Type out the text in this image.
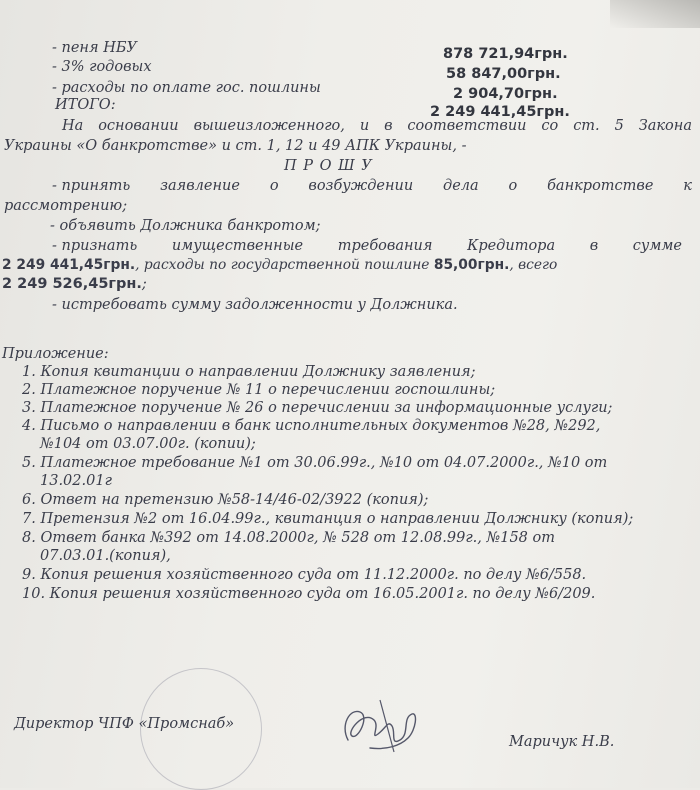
- пеня НБУ	878 721,94грн.
- 3% годовых	58 847,00грн.
- расходы по оплате гос. пошлины	2 904,70грн.
ИТОГО:	2 249 441,45грн.
На основании вышеизложенного, и в соответствии со ст. 5 Закона
Украины «О банкротстве» и ст. 1, 12 и 49 АПК Украины, -
П Р О Ш У
- принять заявление о возбуждении дела о банкротстве к
рассмотрению;
- объявить Должника банкротом;
- признать имущественные требования Кредитора в сумме
2 249 441,45грн., расходы по государственной пошлине 85,00грн., всего
2 249 526,45грн.;
- истребовать сумму задолженности у Должника.
Приложение:
1. Копия квитанции о направлении Должнику заявления;
2. Платежное поручение № 11 о перечислении госпошлины;
3. Платежное поручение № 26 о перечислении за информационные услуги;
4. Письмо о направлении в банк исполнительных документов №28, №292,
№104 от 03.07.00г. (копии);
5. Платежное требование №1 от 30.06.99г., №10 от 04.07.2000г., №10 от
13.02.01г
6. Ответ на претензию №58-14/46-02/3922 (копия);
7. Претензия №2 от 16.04.99г., квитанция о направлении Должнику (копия);
8. Ответ банка №392 от 14.08.2000г, № 528 от 12.08.99г., №158 от
07.03.01.(копия),
9. Копия решения хозяйственного суда от 11.12.2000г. по делу №6/558.
10. Копия решения хозяйственного суда от 16.05.2001г. по делу №6/209.
Директор ЧПФ «Промснаб»
Маричук Н.В.
